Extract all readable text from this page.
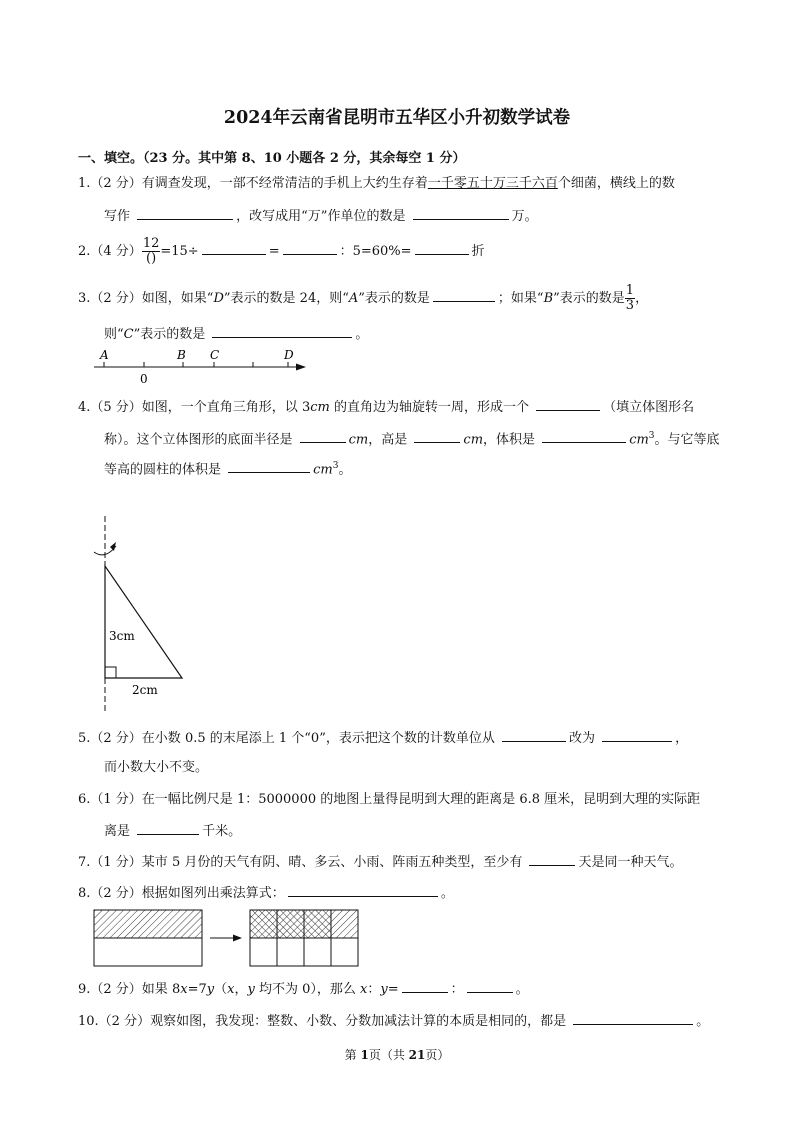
2024年云南省昆明市五华区小升初数学试卷
一、填空。（23 分。其中第 8、10 小题各 2 分，其余每空 1 分）
1.（2 分）有调查发现，一部不经常清洁的手机上大约生存着一千零五十万三千六百个细菌，横线上的数
写作	，改写成用“万”作单位的数是	万。
2.（4 分） $\frac{12}{()} =15\div$	=	：5=60%=	折
3.（2 分）如图，如果“D”表示的数是 24，则“A”表示的数是	；如果“B”表示的数是 $\frac{1}{3}$ ，
则“C”表示的数是	。
A	B C	D
0
4.（5 分）如图，一个直角三角形，以 3cm 的直角边为轴旋转一周，形成一个	（填立体图形名
称）。这个立体图形的底面半径是	cm，高是	cm，体积是	$cm^3$。与它等底
等高的圆柱的体积是	$cm^3$。
3cm
2cm
5.（2 分）在小数 0.5 的末尾添上 1 个“0”，表示把这个数的计数单位从	改为	，
而小数大小不变。
6.（1 分）在一幅比例尺是 1：5000000 的地图上量得昆明到大理的距离是 6.8 厘米，昆明到大理的实际距
离是	千米。
7.（1 分）某市 5 月份的天气有阴、晴、多云、小雨、阵雨五种类型，至少有	天是同一种天气。
8.（2 分）根据如图列出乘法算式：	。
9.（2 分）如果 8x=7y（x，y 均不为 0），那么 x：y=	：	。
10.（2 分）观察如图，我发现：整数、小数、分数加减法计算的本质是相同的，都是	。
第 1页（共 21页）
